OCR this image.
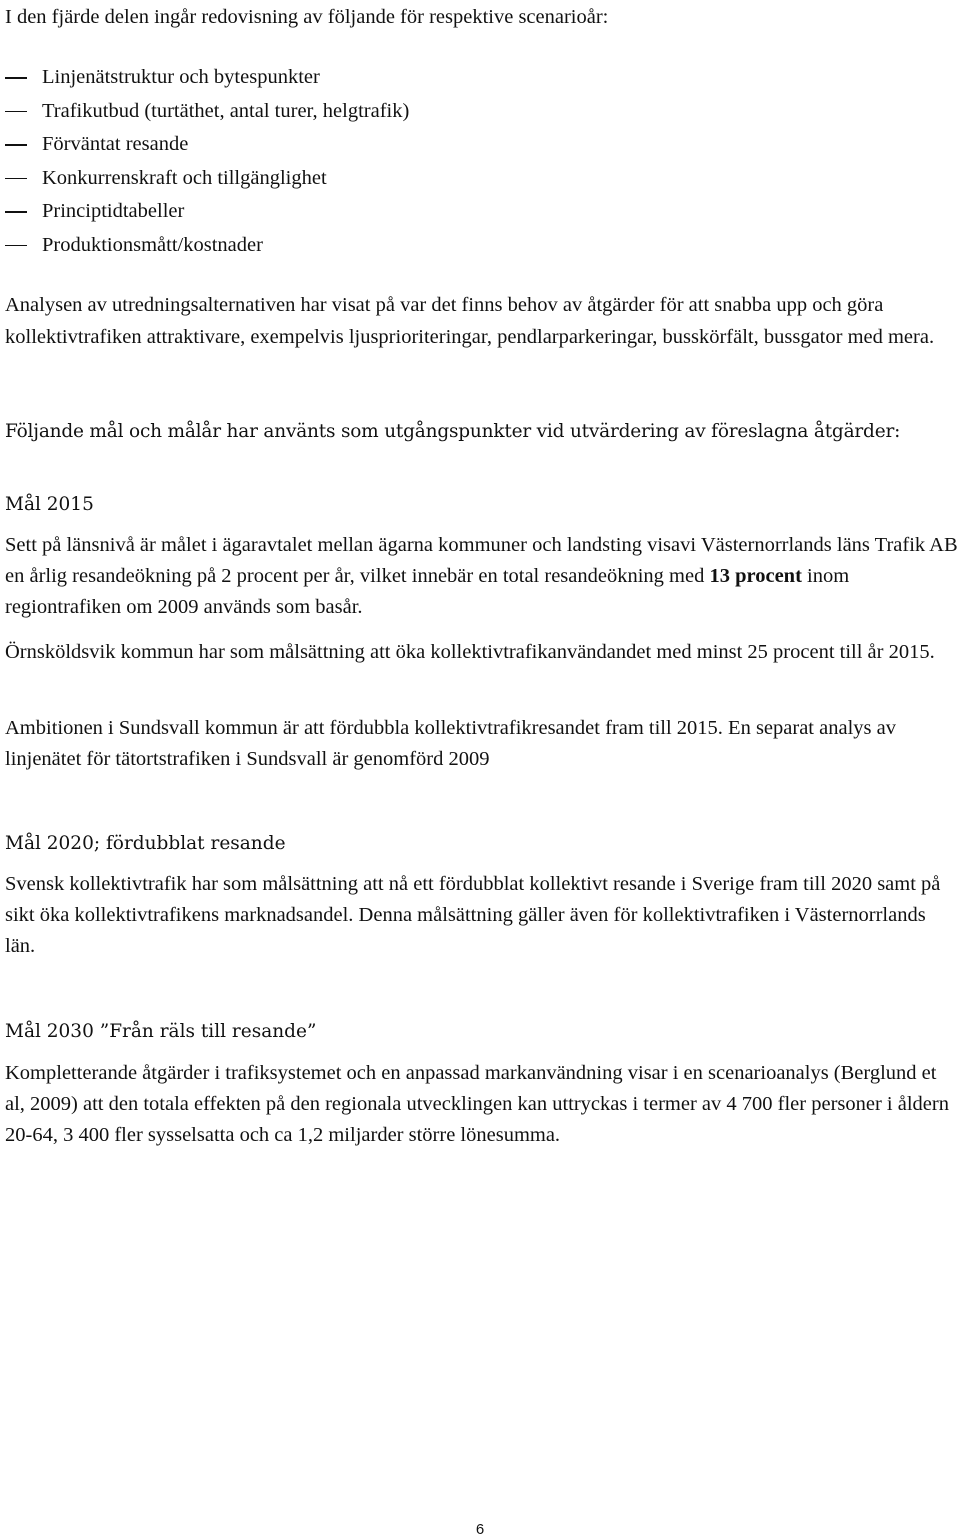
I den fjärde delen ingår redovisning av följande för respektive scenarioår:

Linjenätstruktur och bytespunkter
Trafikutbud (turtäthet, antal turer, helgtrafik)
Förväntat resande
Konkurrenskraft och tillgänglighet
Principtidtabeller
Produktionsmått/kostnader

Analysen av utredningsalternativen har visat på var det finns behov av åtgärder för att snabba upp och göra kollektivtrafiken attraktivare, exempelvis ljusprioriteringar, pendlarparkeringar, busskörfält, bussgator med mera.

Följande mål och målår har använts som utgångspunkter vid utvärdering av föreslagna åtgärder:

Mål 2015

Sett på länsnivå är målet i ägaravtalet mellan ägarna kommuner och landsting visavi Västernorrlands läns Trafik AB en årlig resandeökning på 2 procent per år, vilket innebär en total resandeökning med 13 procent inom regiontrafiken om 2009 används som basår.

Örnsköldsvik kommun har som målsättning att öka kollektivtrafikanvändandet med minst 25 procent till år 2015.

Ambitionen i Sundsvall kommun är att fördubbla kollektivtrafikresandet fram till 2015. En separat analys av linjenätet för tätortstrafiken i Sundsvall är genomförd 2009

Mål 2020; fördubblat resande

Svensk kollektivtrafik har som målsättning att nå ett fördubblat kollektivt resande i Sverige fram till 2020 samt på sikt öka kollektivtrafikens marknadsandel. Denna målsättning gäller även för kollektivtrafiken i Västernorrlands län.

Mål 2030 ”Från räls till resande”

Kompletterande åtgärder i trafiksystemet och en anpassad markanvändning visar i en scenarioanalys (Berglund et al, 2009) att den totala effekten på den regionala utvecklingen kan uttryckas i termer av 4 700 fler personer i åldern 20-64, 3 400 fler sysselsatta och ca 1,2 miljarder större lönesumma.

6
